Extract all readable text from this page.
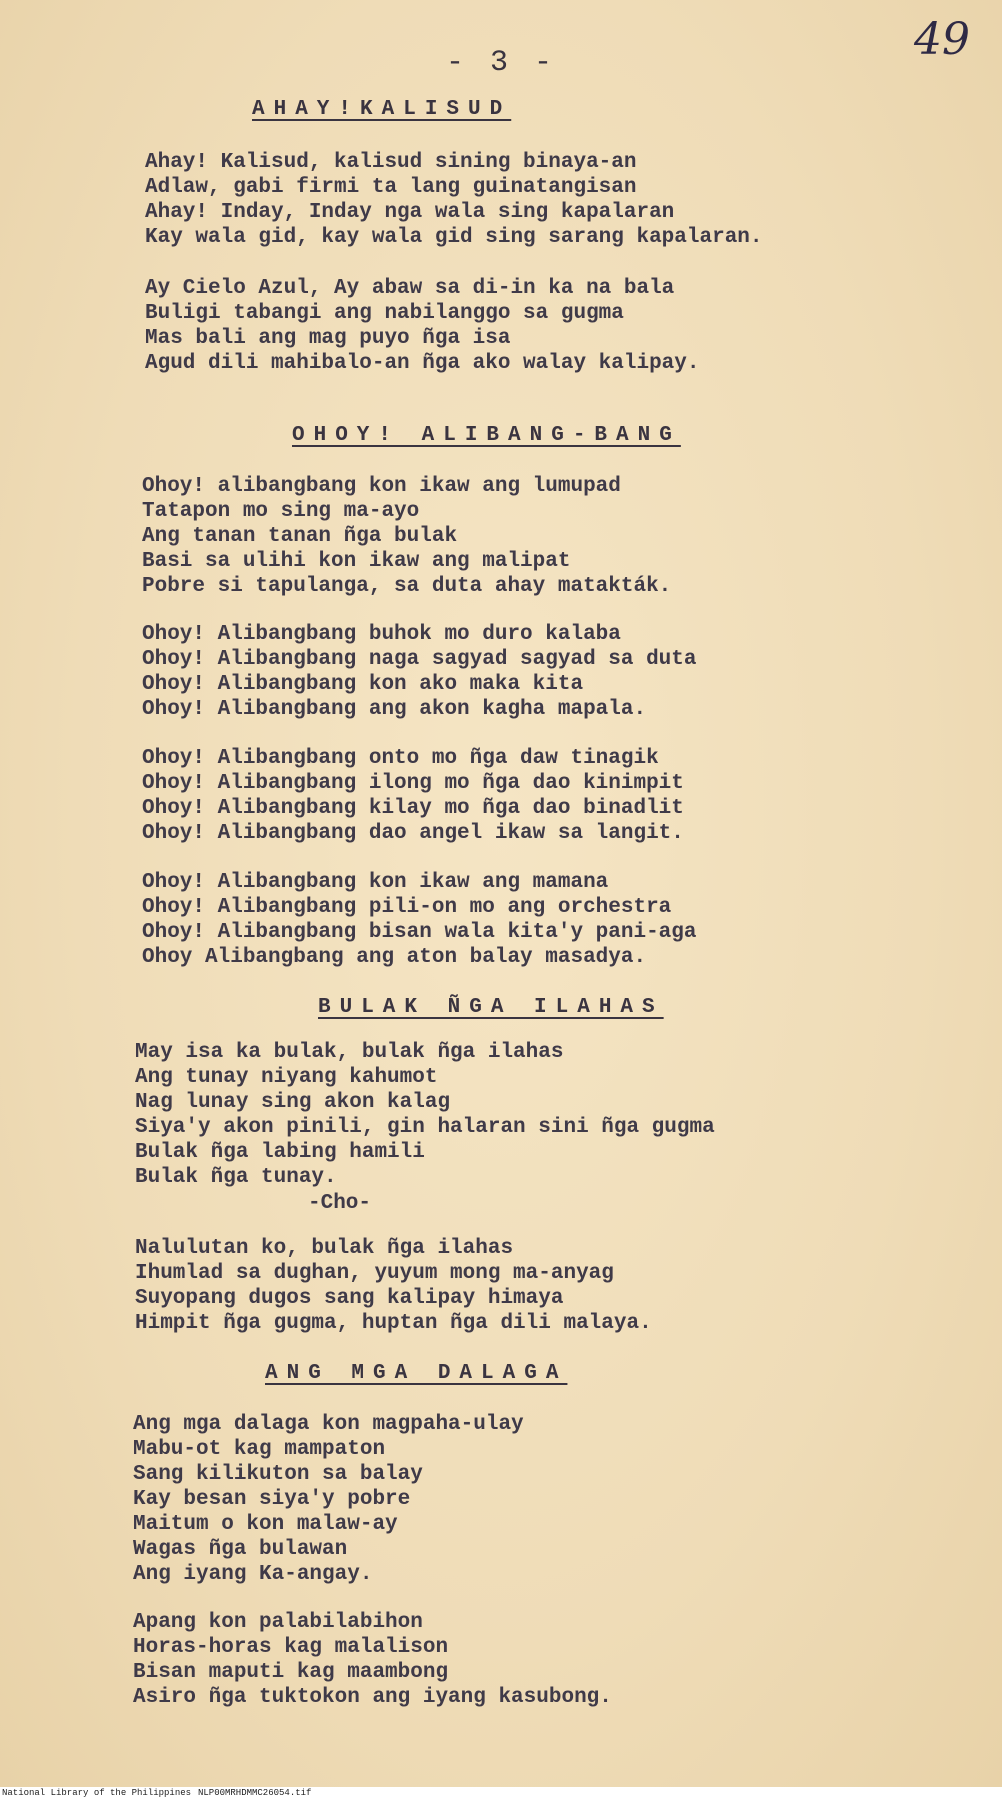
49
- 3 -
AHAY!KALISUD
Ahay! Kalisud, kalisud sining binaya-an
Adlaw, gabi firmi ta lang guinatangisan
Ahay! Inday, Inday nga wala sing kapalaran
Kay wala gid, kay wala gid sing sarang kapalaran.
Ay Cielo Azul, Ay abaw sa di-in ka na bala
Buligi tabangi ang nabilanggo sa gugma
Mas bali ang mag puyo ñga isa
Agud dili mahibalo-an ñga ako walay kalipay.
OHOY! ALIBANG-BANG
Ohoy! alibangbang kon ikaw ang lumupad
Tatapon mo sing ma-ayo
Ang tanan tanan ñga bulak
Basi sa ulihi kon ikaw ang malipat
Pobre si tapulanga, sa duta ahay matakták.
Ohoy! Alibangbang buhok mo duro kalaba
Ohoy! Alibangbang naga sagyad sagyad sa duta
Ohoy! Alibangbang kon ako maka kita
Ohoy! Alibangbang ang akon kagha mapala.
Ohoy! Alibangbang onto mo ñga daw tinagik
Ohoy! Alibangbang ilong mo ñga dao kinimpit
Ohoy! Alibangbang kilay mo ñga dao binadlit
Ohoy! Alibangbang dao angel ikaw sa langit.
Ohoy! Alibangbang kon ikaw ang mamana
Ohoy! Alibangbang pili-on mo ang orchestra
Ohoy! Alibangbang bisan wala kita'y pani-aga
Ohoy Alibangbang ang aton balay masadya.
BULAK ÑGA ILAHAS
May isa ka bulak, bulak ñga ilahas
Ang tunay niyang kahumot
Nag lunay sing akon kalag
Siya'y akon pinili, gin halaran sini ñga gugma
Bulak ñga labing hamili
Bulak ñga tunay.
-Cho-
Nalulutan ko, bulak ñga ilahas
Ihumlad sa dughan, yuyum mong ma-anyag
Suyopang dugos sang kalipay himaya
Himpit ñga gugma, huptan ñga dili malaya.
ANG MGA DALAGA
Ang mga dalaga kon magpaha-ulay
Mabu-ot kag mampaton
Sang kilikuton sa balay
Kay besan siya'y pobre
Maitum o kon malaw-ay
Wagas ñga bulawan
Ang iyang Ka-angay.
Apang kon palabilabihon
Horas-horas kag malalison
Bisan maputi kag maambong
Asiro ñga tuktokon ang iyang kasubong.
National Library of the Philippines NLP00MRHDMMC26054.tif
